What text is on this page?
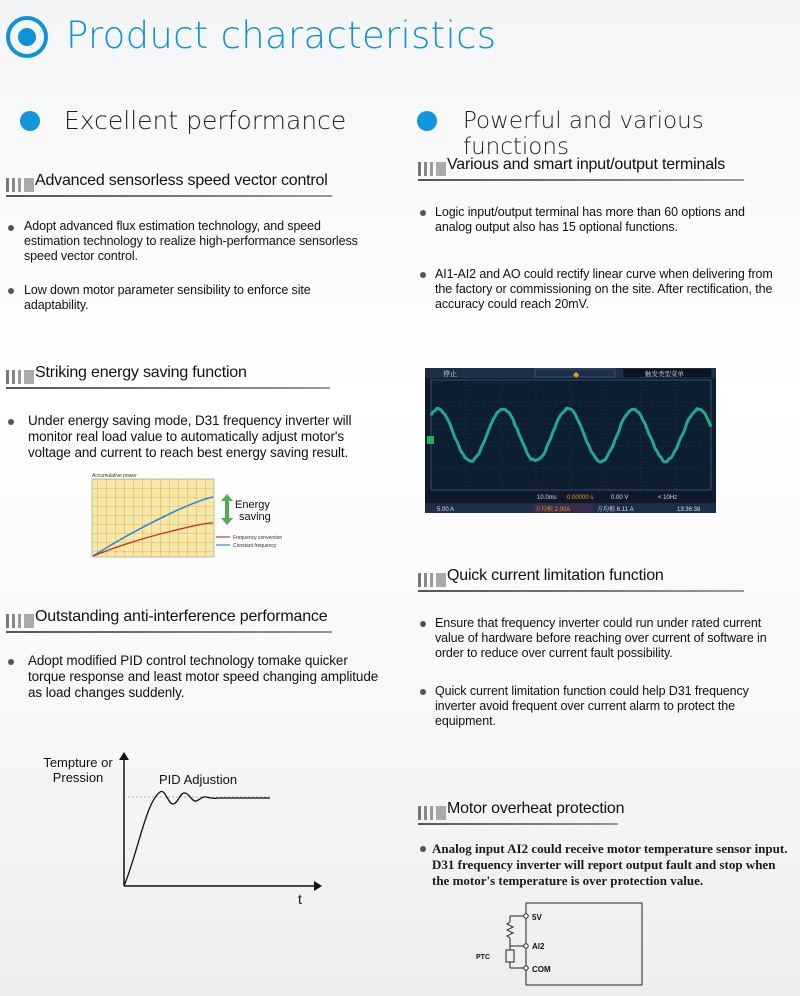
Product characteristics
Excellent performance	Powerful and various functions
Advanced sensorless speed vector control
Adopt advanced flux estimation technology, and speed estimation technology to realize high-performance sensorless speed vector control.
Low down motor parameter sensibility to enforce site adaptability.
Striking energy saving function
Under energy saving mode, D31 frequency inverter will monitor real load value to automatically adjust motor's voltage and current to reach best energy saving result.
Accumulative power
Energy
saving
Frequency conversion
Constant frequency
Outstanding anti-interference performance
Adopt modified PID control technology tomake quicker torque response and least motor speed changing amplitude as load changes suddenly.
Tempture or
Pression	PID Adjustion
t
Various and smart input/output terminals
Logic input/output terminal has more than 60 options and analog output also has 15 optional functions.
AI1-AI2 and AO could rectify linear curve when delivering from the factory or commissioning on the site. After rectification, the accuracy could reach 20mV.
停止	◆	触发类型菜单
10.0ms 0.00000 s	0.00 V	< 10Hz
5.00 A	方均根 2.00A	方均根 6.11 A	13:36:38
Quick current limitation function
Ensure that frequency inverter could run under rated current value of hardware before reaching over current of software in order to reduce over current fault possibility.
Quick current limitation function could help D31 frequency inverter avoid frequent over current alarm to protect the equipment.
Motor overheat protection
Analog input AI2 could receive motor temperature sensor input. D31 frequency inverter will report output fault and stop when the motor's temperature is over protection value.
5V
AI2
COM
PTC
